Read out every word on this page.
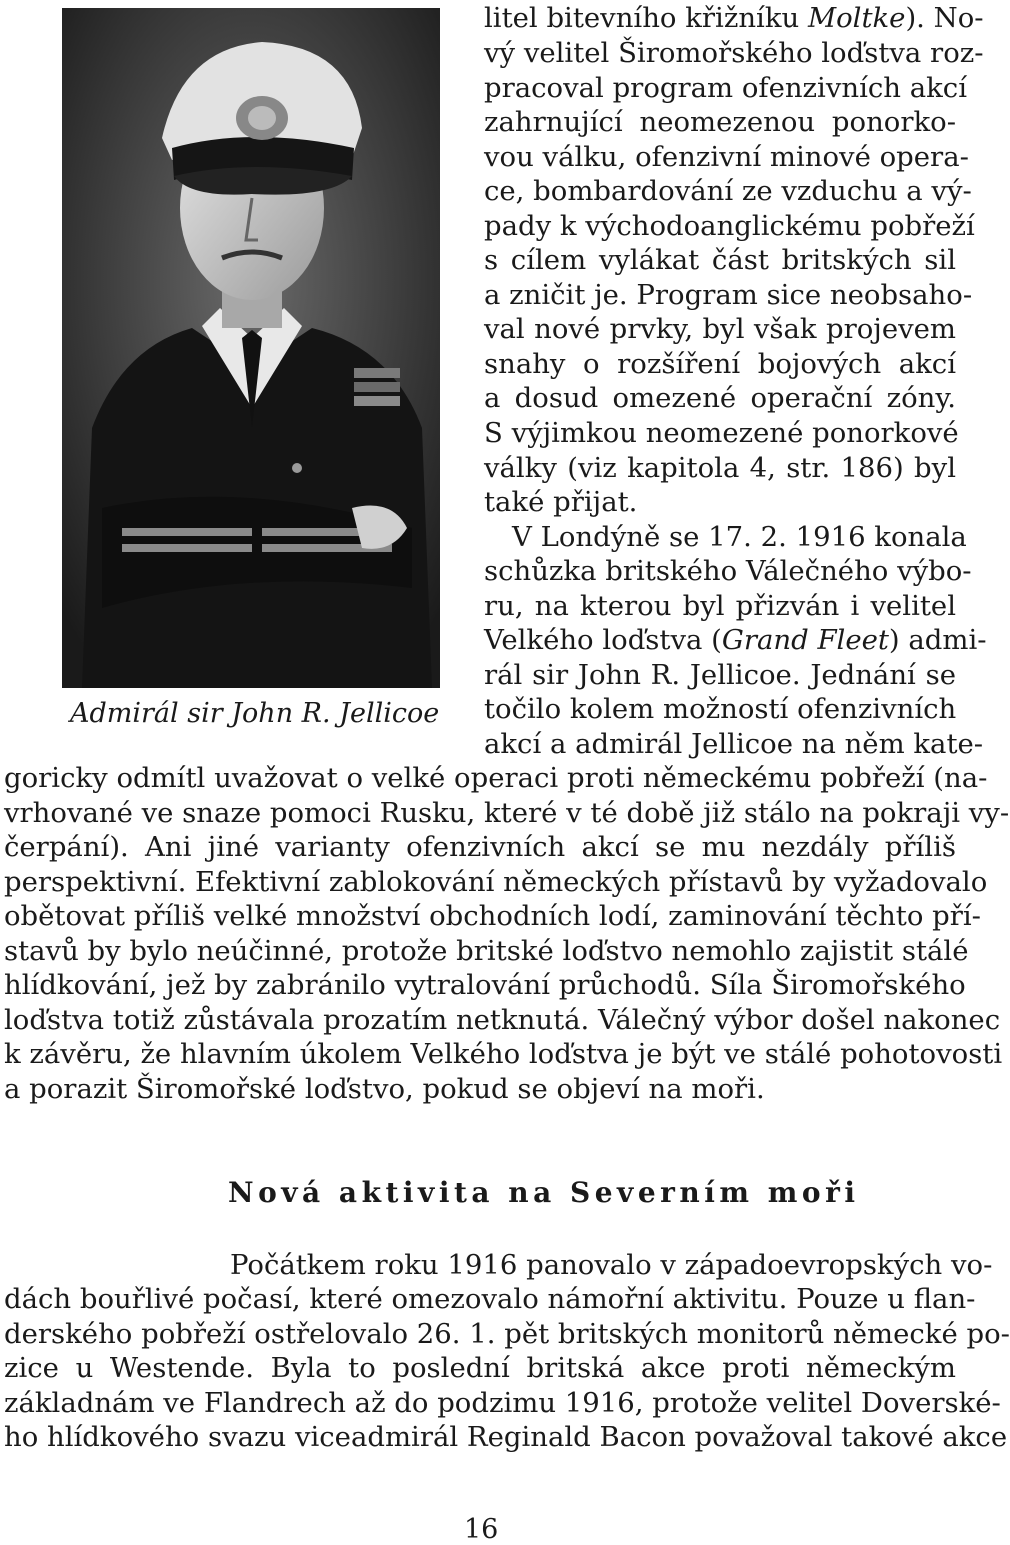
Admirál sir John R. Jellicoe
litel bitevního křižníku Moltke). No-
vý velitel Širomořského loďstva roz-
pracoval program ofenzivních akcí
zahrnující neomezenou ponorko-
vou válku, ofenzivní minové opera-
ce, bombardování ze vzduchu a vý-
pady k východoanglickému pobřeží
s cílem vylákat část britských sil
a zničit je. Program sice neobsaho-
val nové prvky, byl však projevem
snahy o rozšíření bojových akcí
a dosud omezené operační zóny.
S výjimkou neomezené ponorkové
války (viz kapitola 4, str. 186) byl
také přijat.
V Londýně se 17. 2. 1916 konala
schůzka britského Válečného výbo-
ru, na kterou byl přizván i velitel
Velkého loďstva (Grand Fleet) admi-
rál sir John R. Jellicoe. Jednání se
točilo kolem možností ofenzivních
akcí a admirál Jellicoe na něm kate-
goricky odmítl uvažovat o velké operaci proti německému pobřeží (na-
vrhované ve snaze pomoci Rusku, které v té době již stálo na pokraji vy-
čerpání). Ani jiné varianty ofenzivních akcí se mu nezdály příliš
perspektivní. Efektivní zablokování německých přístavů by vyžadovalo
obětovat příliš velké množství obchodních lodí, zaminování těchto pří-
stavů by bylo neúčinné, protože britské loďstvo nemohlo zajistit stálé
hlídkování, jež by zabránilo vytralování průchodů. Síla Širomořského
loďstva totiž zůstávala prozatím netknutá. Válečný výbor došel nakonec
k závěru, že hlavním úkolem Velkého loďstva je být ve stálé pohotovosti
a porazit Širomořské loďstvo, pokud se objeví na moři.
Nová aktivita na Severním moři
Počátkem roku 1916 panovalo v západoevropských vo-
dách bouřlivé počasí, které omezovalo námořní aktivitu. Pouze u flan-
derského pobřeží ostřelovalo 26. 1. pět britských monitorů německé po-
zice u Westende. Byla to poslední britská akce proti německým
základnám ve Flandrech až do podzimu 1916, protože velitel Doverské-
ho hlídkového svazu viceadmirál Reginald Bacon považoval takové akce
16
